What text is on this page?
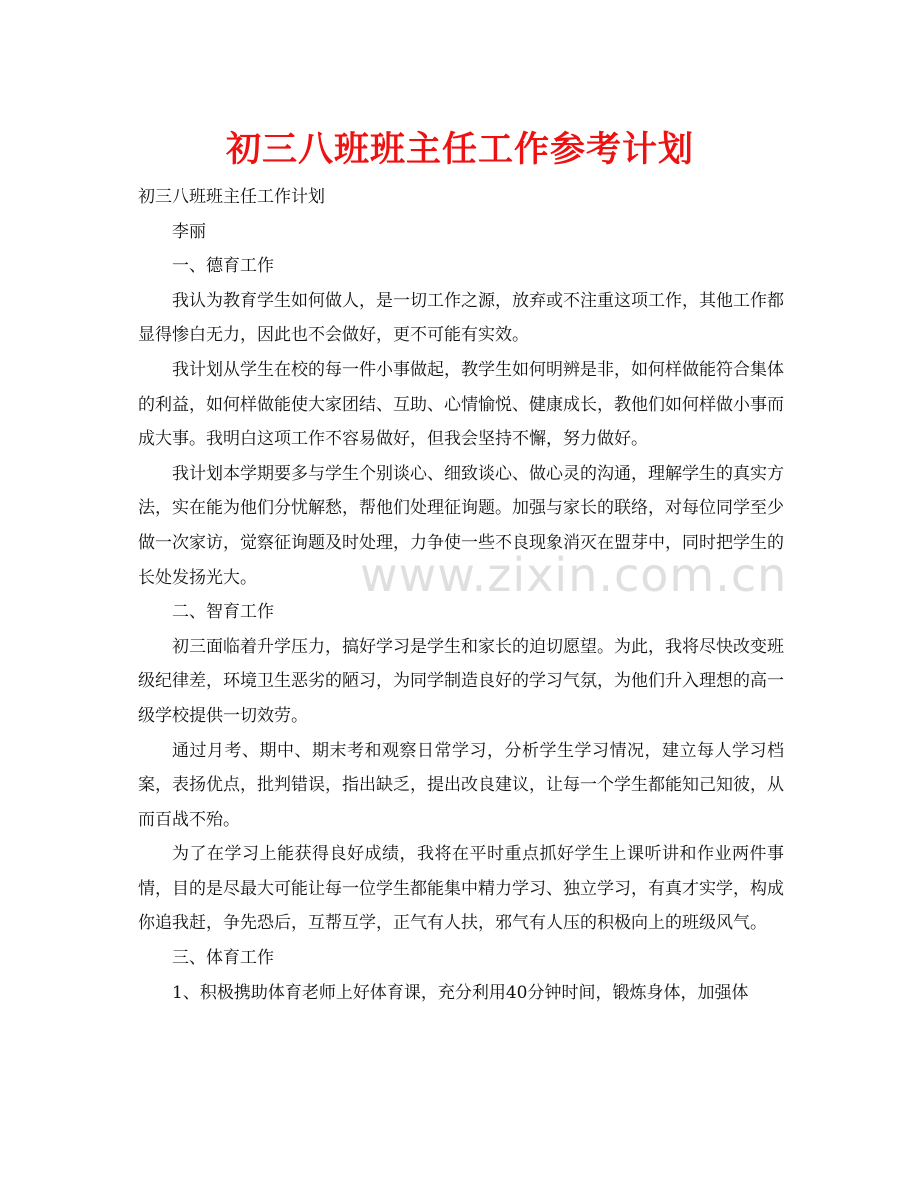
初三八班班主任工作参考计划

初三八班班主任工作计划

李丽

一、德育工作

我认为教育学生如何做人，是一切工作之源，放弃或不注重这项工作，其他工作都显得惨白无力，因此也不会做好，更不可能有实效。

我计划从学生在校的每一件小事做起，教学生如何明辨是非，如何样做能符合集体的利益，如何样做能使大家团结、互助、心情愉悦、健康成长，教他们如何样做小事而成大事。我明白这项工作不容易做好，但我会坚持不懈，努力做好。

我计划本学期要多与学生个别谈心、细致谈心、做心灵的沟通，理解学生的真实方法，实在能为他们分忧解愁，帮他们处理征询题。加强与家长的联络，对每位同学至少做一次家访，觉察征询题及时处理，力争使一些不良现象消灭在盟芽中，同时把学生的长处发扬光大。

二、智育工作

初三面临着升学压力，搞好学习是学生和家长的迫切愿望。为此，我将尽快改变班级纪律差，环境卫生恶劣的陋习，为同学制造良好的学习气氛，为他们升入理想的高一级学校提供一切效劳。

通过月考、期中、期末考和观察日常学习，分析学生学习情况，建立每人学习档案，表扬优点，批判错误，指出缺乏，提出改良建议，让每一个学生都能知己知彼，从而百战不殆。

为了在学习上能获得良好成绩，我将在平时重点抓好学生上课听讲和作业两件事情，目的是尽最大可能让每一位学生都能集中精力学习、独立学习，有真才实学，构成你追我赶，争先恐后，互帮互学，正气有人扶，邪气有人压的积极向上的班级风气。

三、体育工作

1、积极携助体育老师上好体育课，充分利用40分钟时间，锻炼身体，加强体

www.zixin.com.cn
